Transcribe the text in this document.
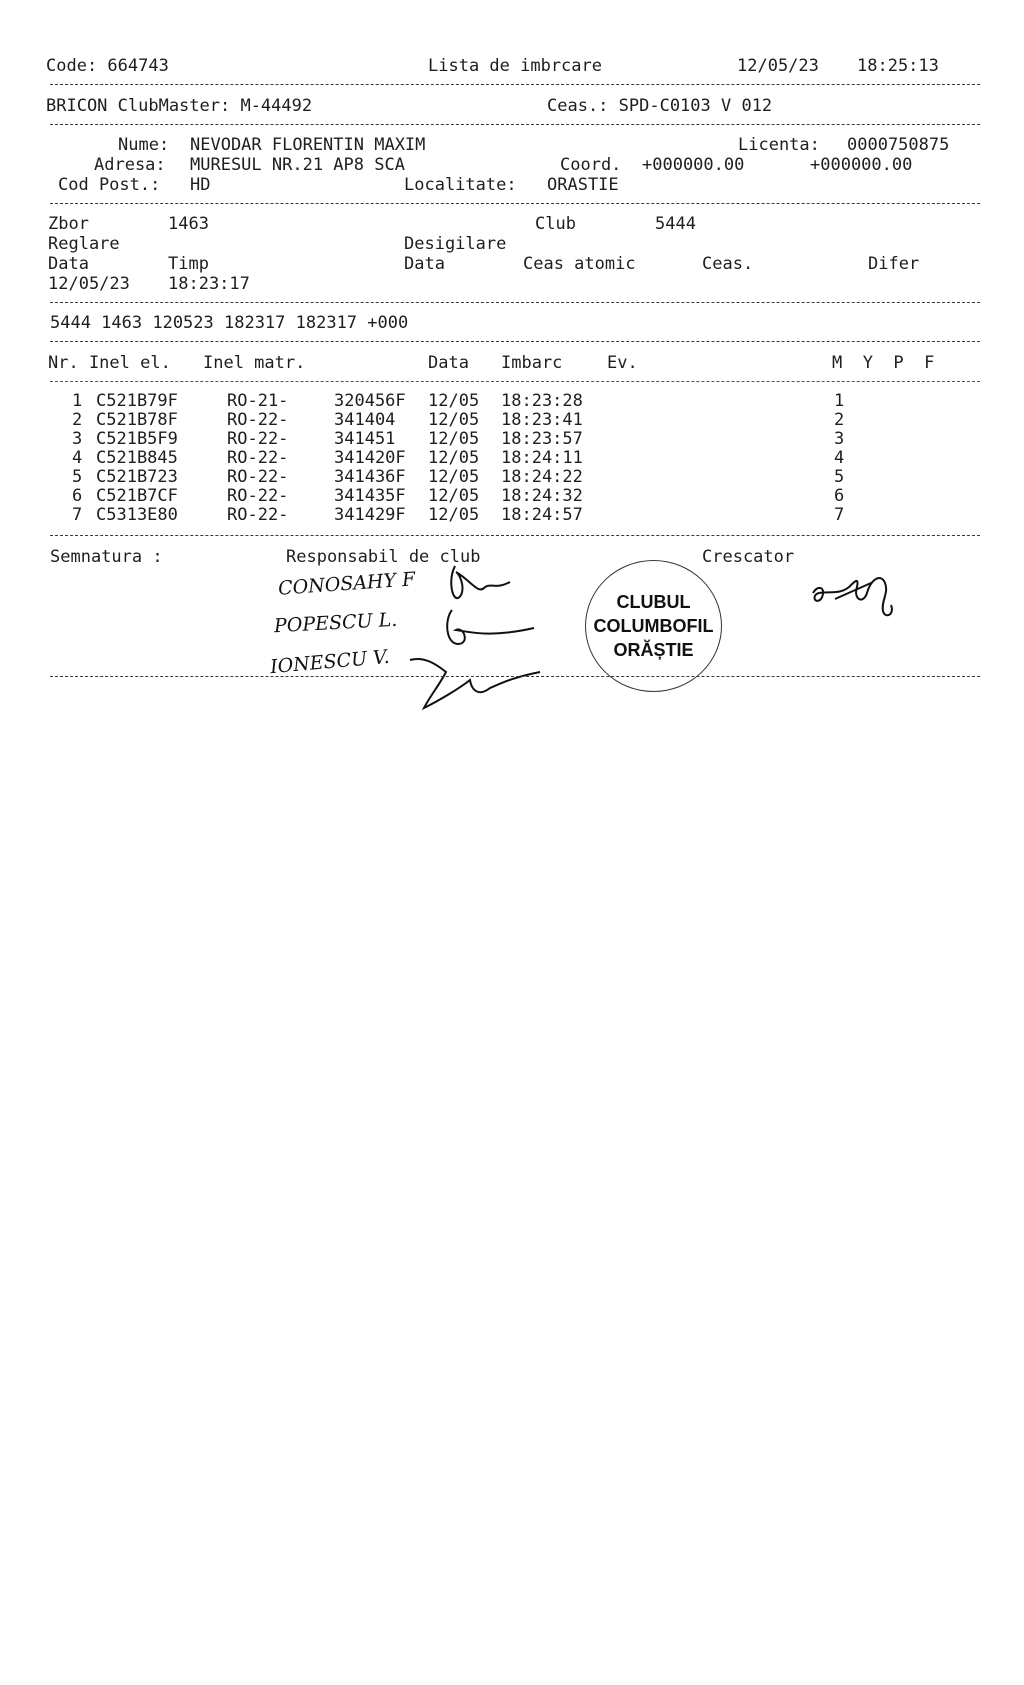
Code: 664743	Lista de imbrcare	12/05/23 18:25:13
BRICON ClubMaster: M-44492	Ceas.: SPD-C0103 V 012
Nume: NEVODAR FLORENTIN MAXIM	Licenta: 0000750875
Adresa: MURESUL NR.21 AP8 SCA	Coord. +000000.00	+000000.00
Cod Post.: HD	Localitate: ORASTIE
Zbor	1463	Club	5444
Reglare	Desigilare
Data	Timp	Data	Ceas atomic	Ceas.	Difer
12/05/23 18:23:17
5444 1463 120523 182317 182317 +000
Nr. Inel el. Inel matr.	Data Imbarc	Ev.	M  Y  P  F
1 C521B79F	RO-21-	320456F 12/05 18:23:28	1
2 C521B78F	RO-22-	341404 12/05 18:23:41	2
3 C521B5F9	RO-22-	341451 12/05 18:23:57	3
4 C521B845	RO-22-	341420F 12/05 18:24:11	4
5 C521B723	RO-22-	341436F 12/05 18:24:22	5
6 C521B7CF	RO-22-	341435F 12/05 18:24:32	6
7 C5313E80	RO-22-	341429F 12/05 18:24:57	7
Semnatura :	Responsabil de club	Crescator
CONOSAHY F
POPESCU L.
IONESCU V.
CLUBUL
COLUMBOFIL
ORĂȘTIE
